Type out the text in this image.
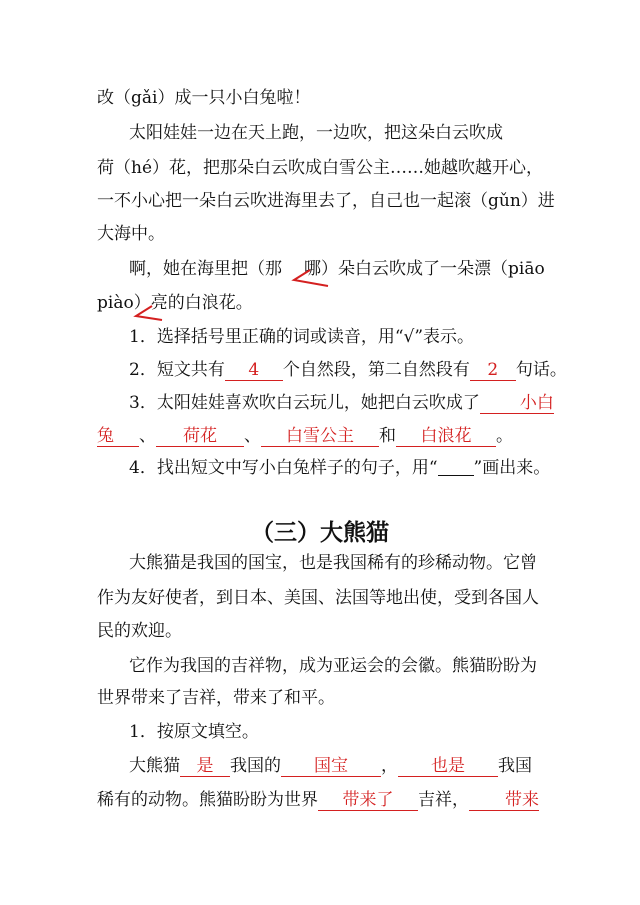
改（gǎi）成一只小白兔啦！
太阳娃娃一边在天上跑，一边吹，把这朵白云吹成
荷（hé）花，把那朵白云吹成白雪公主……她越吹越开心，
一不小心把一朵白云吹进海里去了，自己也一起滚（gǔn）进
大海中。
啊，她在海里把（那 哪）朵白云吹成了一朵漂（piāo
piào）亮的白浪花。
1．选择括号里正确的词或读音，用“√”表示。
2．短文共有 4 个自然段，第二自然段有 2 句话。
3．太阳娃娃喜欢吹白云玩儿，她把白云吹成了 小白
兔 、 荷花 、 白雪公主 和 白浪花 。
4．找出短文中写小白兔样子的句子，用“ ”画出来。
（三）大熊猫
大熊猫是我国的国宝，也是我国稀有的珍稀动物。它曾
作为友好使者，到日本、美国、法国等地出使，受到各国人
民的欢迎。
它作为我国的吉祥物，成为亚运会的会徽。熊猫盼盼为
世界带来了吉祥，带来了和平。
1．按原文填空。
大熊猫 是 我国的 国宝 ， 也是 我国
稀有的动物。熊猫盼盼为世界 带来了 吉祥， 带来
